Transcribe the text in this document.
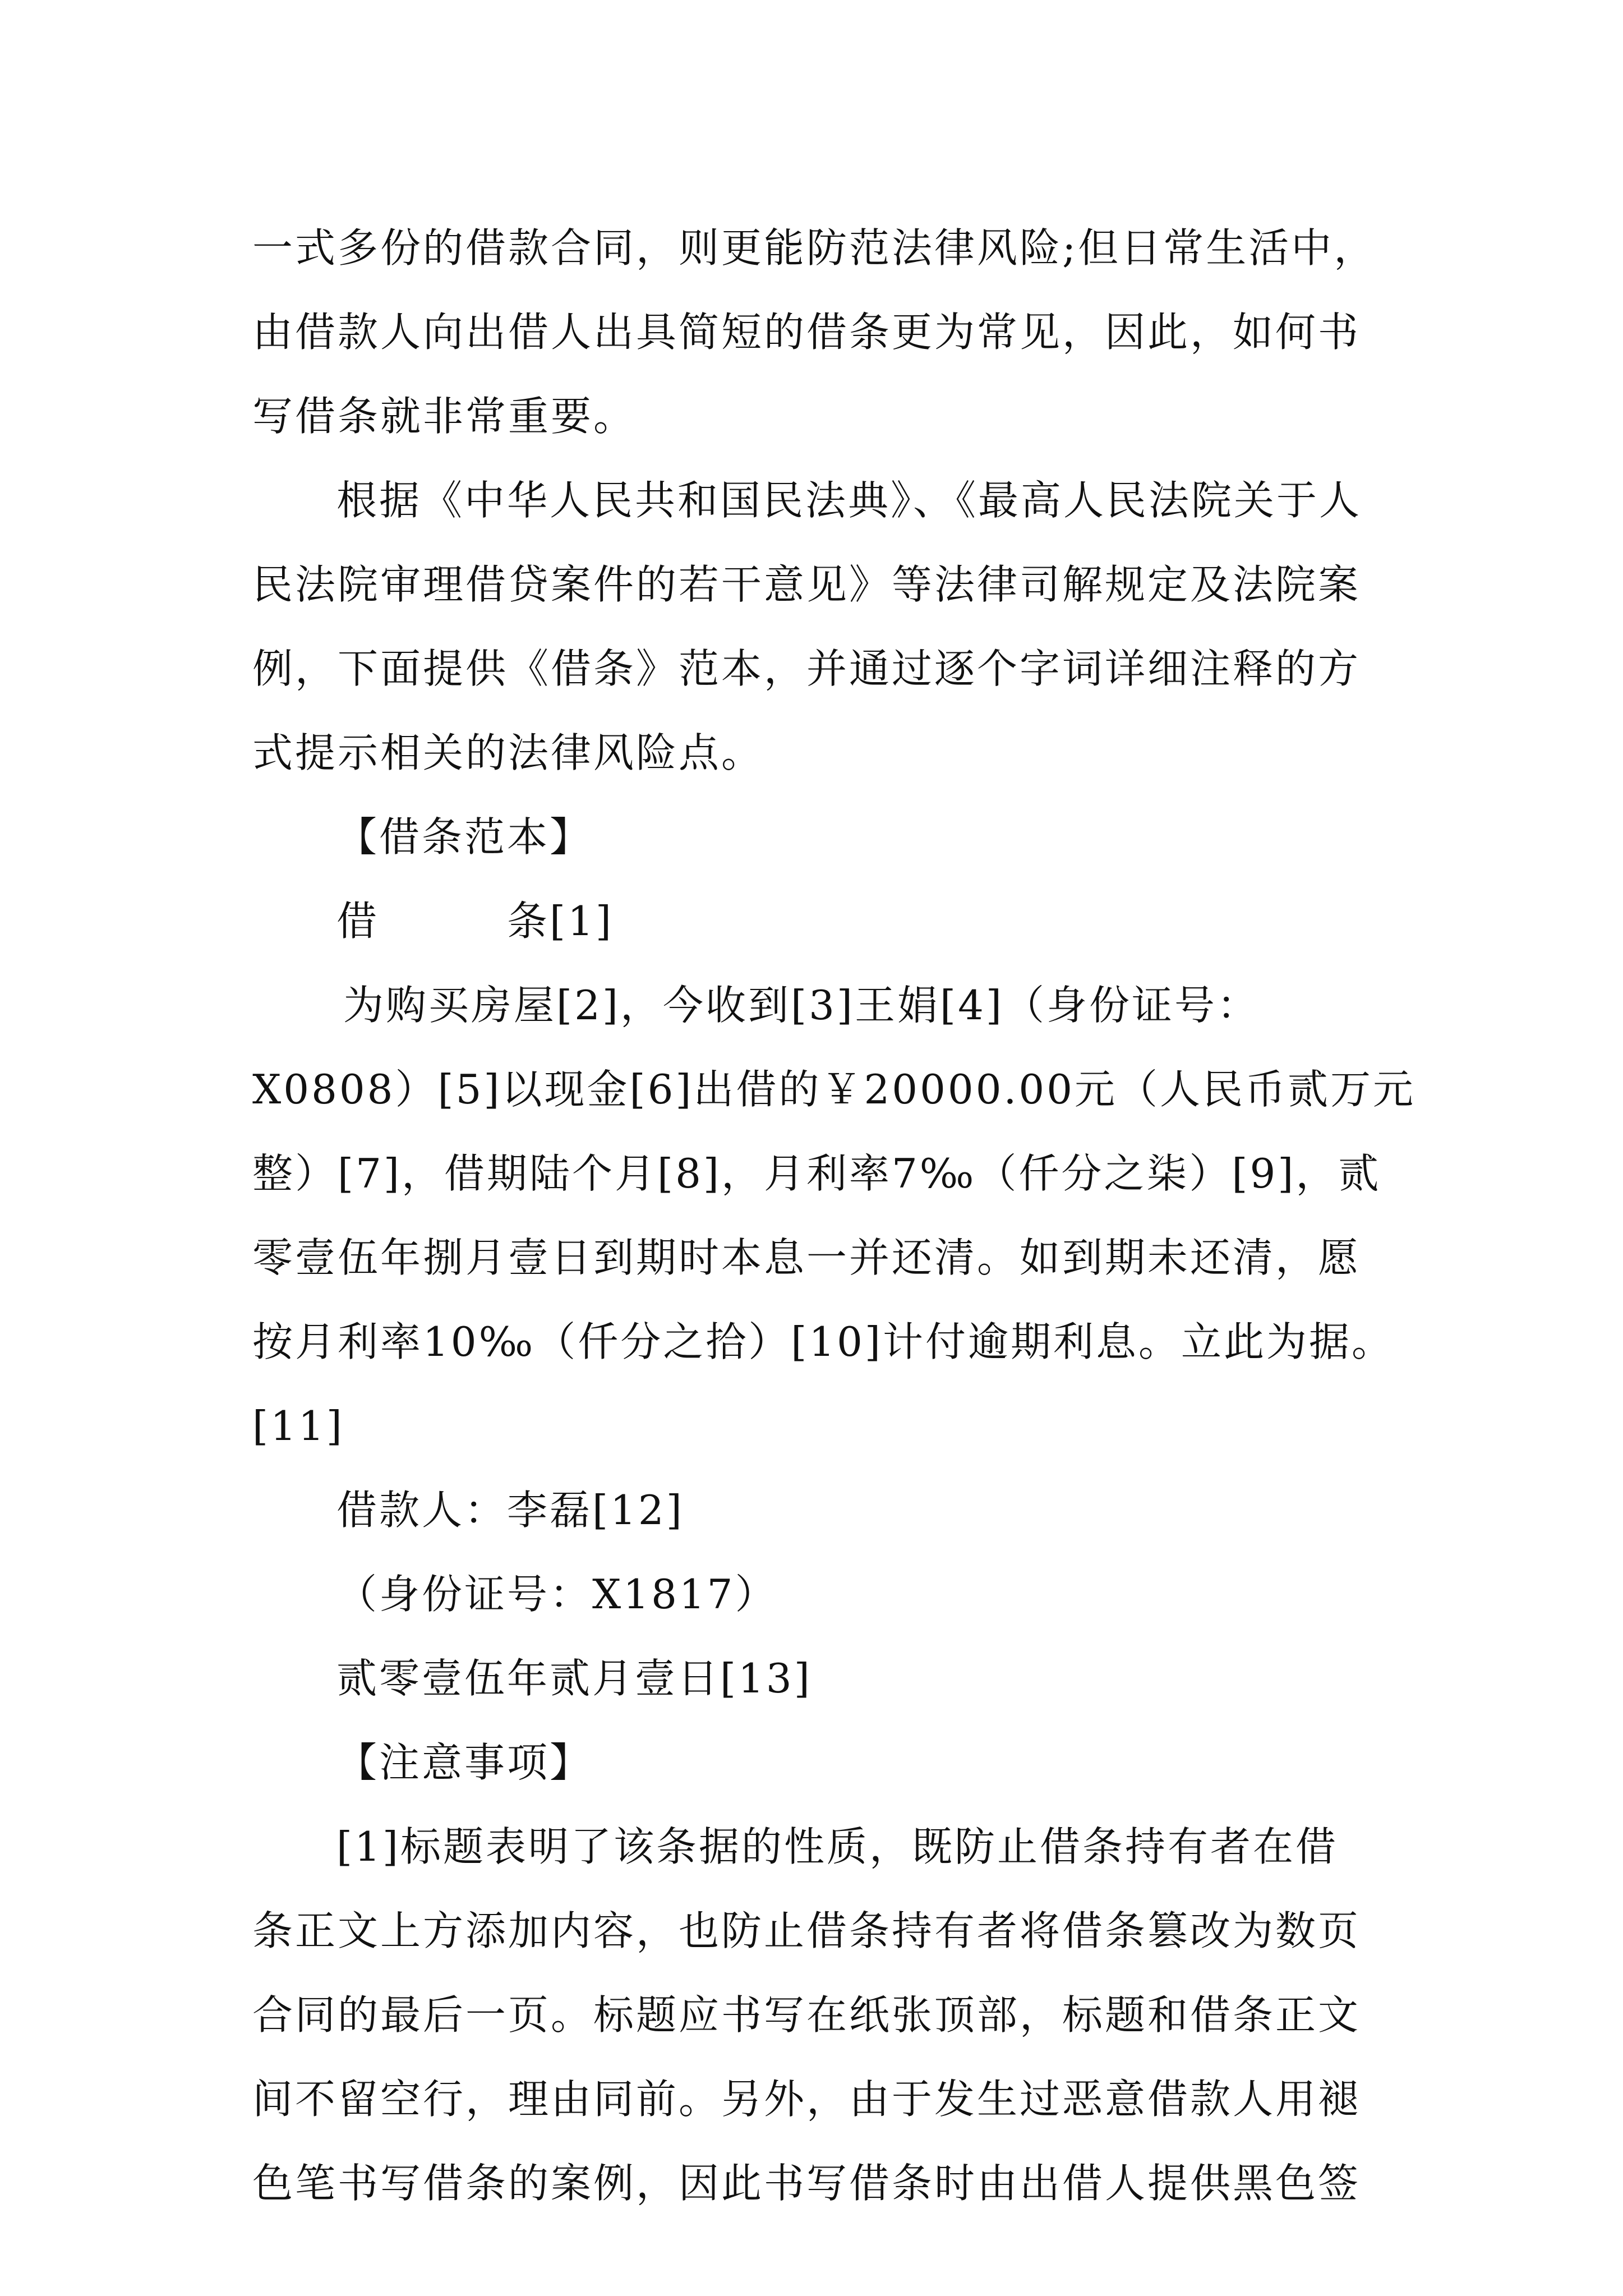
一式多份的借款合同，则更能防范法律风险;但日常生活中，
由借款人向出借人出具简短的借条更为常见，因此，如何书
写借条就非常重要。
根据《中华人民共和国民法典》、《最高人民法院关于人
民法院审理借贷案件的若干意见》等法律司解规定及法院案
例，下面提供《借条》范本，并通过逐个字词详细注释的方
式提示相关的法律风险点。
【借条范本】
借　　　条[1]
为购买房屋[2]，今收到[3]王娟[4]（身份证号：
X0808）[5]以现金[6]出借的￥20000.00元（人民币贰万元
整）[7]，借期陆个月[8]，月利率7‰（仟分之柒）[9]，贰
零壹伍年捌月壹日到期时本息一并还清。如到期未还清，愿
按月利率10‰（仟分之拾）[10]计付逾期利息。立此为据。
[11]
借款人：李磊[12]
（身份证号：X1817）
贰零壹伍年贰月壹日[13]
【注意事项】
[1]标题表明了该条据的性质，既防止借条持有者在借
条正文上方添加内容，也防止借条持有者将借条篡改为数页
合同的最后一页。标题应书写在纸张顶部，标题和借条正文
间不留空行，理由同前。另外，由于发生过恶意借款人用褪
色笔书写借条的案例，因此书写借条时由出借人提供黑色签
